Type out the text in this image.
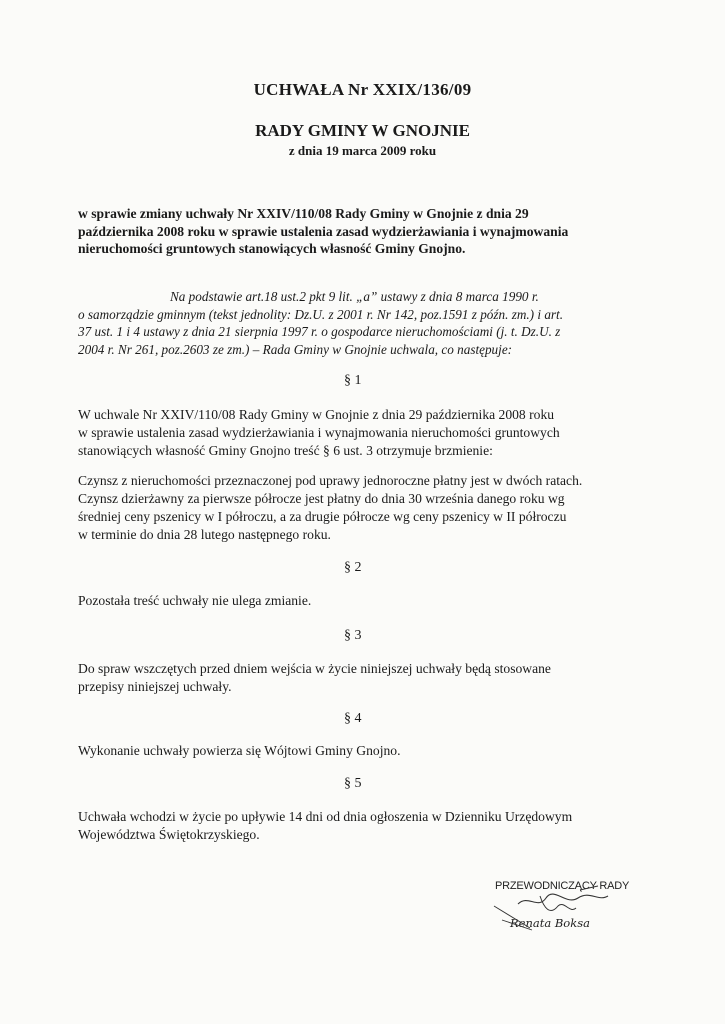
UCHWAŁA Nr XXIX/136/09
RADY GMINY W GNOJNIE
z dnia 19 marca 2009 roku
w sprawie zmiany uchwały Nr XXIV/110/08 Rady Gminy w Gnojnie z dnia 29
października 2008 roku w sprawie ustalenia zasad wydzierżawiania i wynajmowania
nieruchomości gruntowych stanowiących własność Gminy Gnojno.
Na podstawie art.18 ust.2 pkt 9 lit. „a” ustawy z dnia 8 marca 1990 r.
o samorządzie gminnym (tekst jednolity: Dz.U. z 2001 r. Nr 142, poz.1591 z późn. zm.) i art.
37 ust. 1 i 4 ustawy z dnia 21 sierpnia 1997 r. o gospodarce nieruchomościami (j. t. Dz.U. z
2004 r. Nr 261, poz.2603 ze zm.) – Rada Gminy w Gnojnie uchwala, co następuje:
§ 1
W uchwale Nr XXIV/110/08 Rady Gminy w Gnojnie z dnia 29 października 2008 roku
w sprawie ustalenia zasad wydzierżawiania i wynajmowania nieruchomości gruntowych
stanowiących własność Gminy Gnojno treść § 6 ust. 3 otrzymuje brzmienie:
Czynsz z nieruchomości przeznaczonej pod uprawy jednoroczne płatny jest w dwóch ratach.
Czynsz dzierżawny za pierwsze półrocze jest płatny do dnia 30 września danego roku wg
średniej ceny pszenicy w I półroczu, a za drugie półrocze wg ceny pszenicy w II półroczu
w terminie do dnia 28 lutego następnego roku.
§ 2
Pozostała treść uchwały nie ulega zmianie.
§ 3
Do spraw wszczętych przed dniem wejścia w życie niniejszej uchwały będą stosowane
przepisy niniejszej uchwały.
§ 4
Wykonanie uchwały powierza się Wójtowi Gminy Gnojno.
§ 5
Uchwała wchodzi w życie po upływie 14 dni od dnia ogłoszenia w Dzienniku Urzędowym
Województwa Świętokrzyskiego.
PRZEWODNICZĄCY RADY
Renata Boksa
